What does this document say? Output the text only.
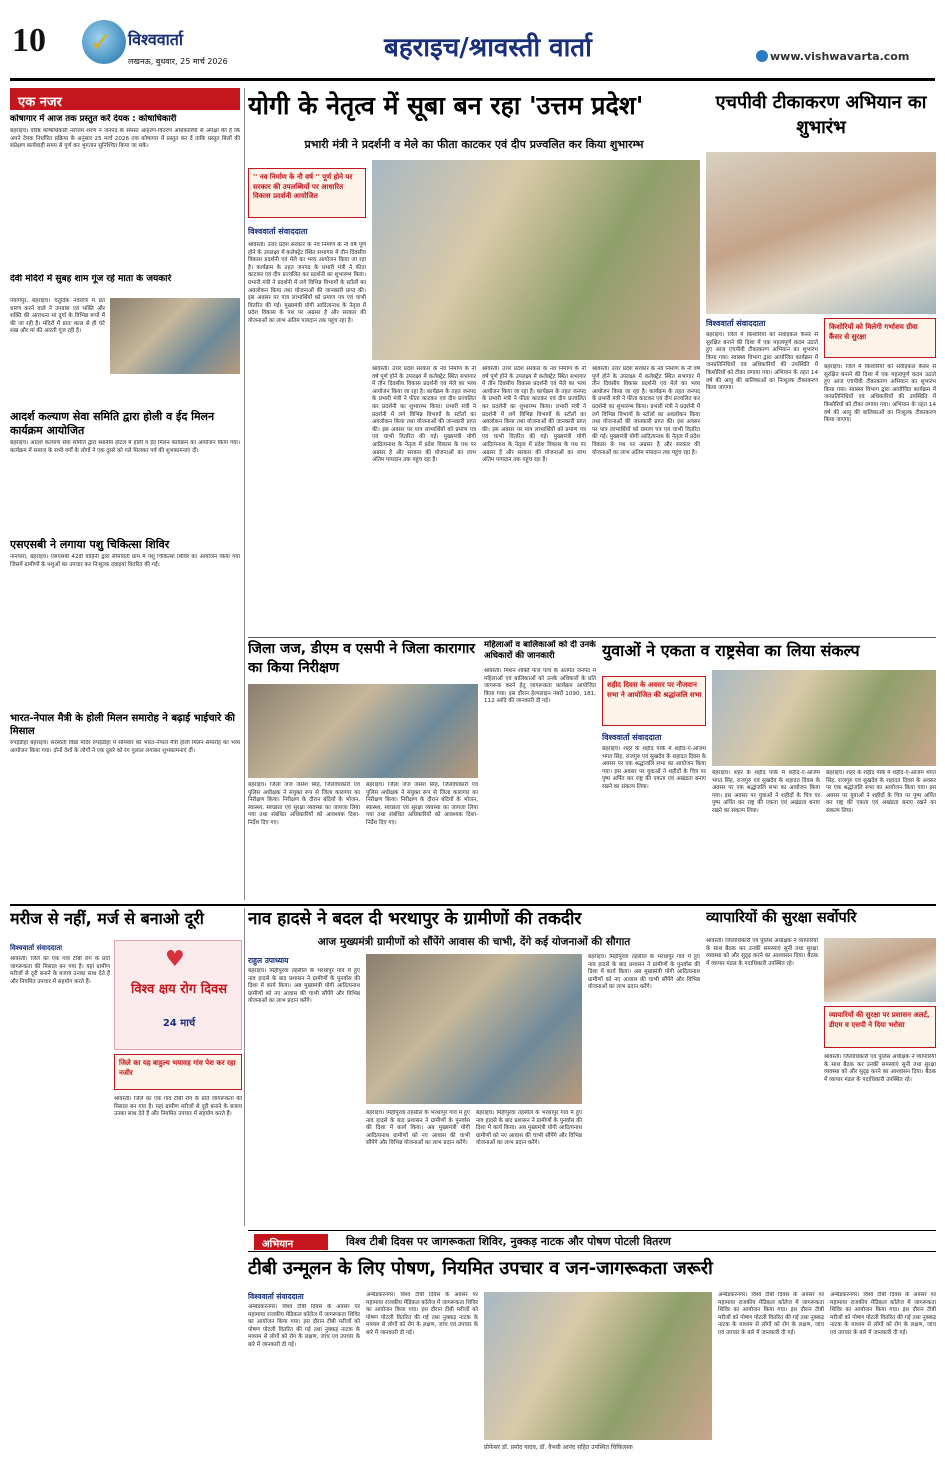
10 ✓ विश्ववार्ता
लखनऊ, बुधवार, 25 मार्च 2026	बहराइच/श्रावस्ती वार्ता	www.vishwavarta.com
एक नजर
कोषागार में आज तक प्रस्तुत करें देयक : कोषाधिकारी
बहराइच। वरिष्ठ कोषाधिकारी नरोत्तम शरण ने जनपद के समस्त आहरण-वितरण अधिकारियों से अपेक्षा की है कि अपने देयक निर्धारित प्रक्रिया के अनुसार 25 मार्च 2026 तक कोषागार में प्रस्तुत कर दें ताकि प्रस्तुत बिलों की संप्रेक्षण कार्यवाही समय से पूर्ण कर भुगतान सुनिश्चित किया जा सके।
देवी मंदिरों में सुबह शाम गूंज रहे माता के जयकारे
पयागपुर, बहराइच। चतुर्दिक नवरात्रि में व्रत धारण करने वाले ने उपवास एवं भक्ति और शक्ति की आराधना मां दुर्गा के विभिन्न रूपों में की जा रही है। मंदिरों में प्रातः काल से ही घंटे शंख और मां की आरती गूंज रही है।
आदर्श कल्याण सेवा समिति द्वारा होली व ईद मिलन कार्यक्रम आयोजित
बहराइच। आदर्श कल्याण सेवा समिति द्वारा स्थानीय होटल में होली व ईद मिलन कार्यक्रम का आयोजन किया गया। कार्यक्रम में समाज के सभी वर्गों के लोगों ने एक दूसरे को गले मिलकर पर्व की शुभकामनाएं दीं।
एसएसबी ने लगाया पशु चिकित्सा शिविर
नानपारा, बहराइच। एसएसबी 42वीं वाहिनी द्वारा सीमावर्ती ग्राम में पशु चिकित्सा शिविर का आयोजन किया गया जिसमें ग्रामीणों के पशुओं का उपचार कर निःशुल्क दवाइयां वितरित की गईं।
भारत-नेपाल मैत्री के होली मिलन समारोह ने बढ़ाई भाईचारे की मिसाल
रुपईडीहा बहराइच। सरस्वती विद्या मंदिर रुपईडीहा में सोमवार को भारत-नेपाल मैत्री होली मिलन समारोह का भव्य आयोजन किया गया। दोनों देशों के लोगों ने एक दूसरे को रंग गुलाल लगाकर शुभकामनाएं दीं।
योगी के नेतृत्व में सूबा बन रहा 'उत्तम प्रदेश'
प्रभारी मंत्री ने प्रदर्शनी व मेले का फीता काटकर एवं दीप प्रज्वलित कर किया शुभारम्भ
'' नव निर्माण के नौ वर्ष '' पूर्ण होने पर सरकार की उपलब्धियों पर आधारित विकास प्रदर्शनी आयोजित
विश्ववार्ता संवाददाता
श्रावस्ती। उत्तर प्रदेश सरकार के नव निर्माण के नौ वर्ष पूर्ण होने के उपलक्ष्य में कलेक्ट्रेट स्थित सभागार में तीन दिवसीय विकास प्रदर्शनी एवं मेले का भव्य आयोजन किया जा रहा है। कार्यक्रम के तहत जनपद के प्रभारी मंत्री ने फीता काटकर एवं दीप प्रज्वलित कर प्रदर्शनी का शुभारम्भ किया। प्रभारी मंत्री ने प्रदर्शनी में लगे विभिन्न विभागों के स्टॉलों का अवलोकन किया तथा योजनाओं की जानकारी प्राप्त की। इस अवसर पर पात्र लाभार्थियों को प्रमाण पत्र एवं चाभी वितरित की गई। मुख्यमंत्री योगी आदित्यनाथ के नेतृत्व में प्रदेश विकास के पथ पर अग्रसर है और सरकार की योजनाओं का लाभ अंतिम पायदान तक पहुंच रहा है।
श्रावस्ती। उत्तर प्रदेश सरकार के नव निर्माण के नौ वर्ष पूर्ण होने के उपलक्ष्य में कलेक्ट्रेट स्थित सभागार में तीन दिवसीय विकास प्रदर्शनी एवं मेले का भव्य आयोजन किया जा रहा है। कार्यक्रम के तहत जनपद के प्रभारी मंत्री ने फीता काटकर एवं दीप प्रज्वलित कर प्रदर्शनी का शुभारम्भ किया। प्रभारी मंत्री ने प्रदर्शनी में लगे विभिन्न विभागों के स्टॉलों का अवलोकन किया तथा योजनाओं की जानकारी प्राप्त की। इस अवसर पर पात्र लाभार्थियों को प्रमाण पत्र एवं चाभी वितरित की गई। मुख्यमंत्री योगी आदित्यनाथ के नेतृत्व में प्रदेश विकास के पथ पर अग्रसर है और सरकार की योजनाओं का लाभ अंतिम पायदान तक पहुंच रहा है।
श्रावस्ती। उत्तर प्रदेश सरकार के नव निर्माण के नौ वर्ष पूर्ण होने के उपलक्ष्य में कलेक्ट्रेट स्थित सभागार में तीन दिवसीय विकास प्रदर्शनी एवं मेले का भव्य आयोजन किया जा रहा है। कार्यक्रम के तहत जनपद के प्रभारी मंत्री ने फीता काटकर एवं दीप प्रज्वलित कर प्रदर्शनी का शुभारम्भ किया। प्रभारी मंत्री ने प्रदर्शनी में लगे विभिन्न विभागों के स्टॉलों का अवलोकन किया तथा योजनाओं की जानकारी प्राप्त की। इस अवसर पर पात्र लाभार्थियों को प्रमाण पत्र एवं चाभी वितरित की गई। मुख्यमंत्री योगी आदित्यनाथ के नेतृत्व में प्रदेश विकास के पथ पर अग्रसर है और सरकार की योजनाओं का लाभ अंतिम पायदान तक पहुंच रहा है।
श्रावस्ती। उत्तर प्रदेश सरकार के नव निर्माण के नौ वर्ष पूर्ण होने के उपलक्ष्य में कलेक्ट्रेट स्थित सभागार में तीन दिवसीय विकास प्रदर्शनी एवं मेले का भव्य आयोजन किया जा रहा है। कार्यक्रम के तहत जनपद के प्रभारी मंत्री ने फीता काटकर एवं दीप प्रज्वलित कर प्रदर्शनी का शुभारम्भ किया। प्रभारी मंत्री ने प्रदर्शनी में लगे विभिन्न विभागों के स्टॉलों का अवलोकन किया तथा योजनाओं की जानकारी प्राप्त की। इस अवसर पर पात्र लाभार्थियों को प्रमाण पत्र एवं चाभी वितरित की गई। मुख्यमंत्री योगी आदित्यनाथ के नेतृत्व में प्रदेश विकास के पथ पर अग्रसर है और सरकार की योजनाओं का लाभ अंतिम पायदान तक पहुंच रहा है।
एचपीवी टीकाकरण अभियान का शुभारंभ
विश्ववार्ता संवाददाता	किशोरियों को मिलेगी गर्भाशय ग्रीवा कैंसर से सुरक्षा
बहराइच। जिले में किशोरियों को सर्वाइकल कैंसर से सुरक्षित बनाने की दिशा में एक महत्वपूर्ण कदम उठाते हुए आज एचपीवी टीकाकरण अभियान का शुभारंभ किया गया। स्वास्थ्य विभाग द्वारा आयोजित कार्यक्रम में जनप्रतिनिधियों एवं अधिकारियों की उपस्थिति में किशोरियों को टीका लगाया गया। अभियान के तहत 14 वर्ष की आयु की बालिकाओं का निःशुल्क टीकाकरण किया जाएगा।
बहराइच। जिले में किशोरियों को सर्वाइकल कैंसर से सुरक्षित बनाने की दिशा में एक महत्वपूर्ण कदम उठाते हुए आज एचपीवी टीकाकरण अभियान का शुभारंभ किया गया। स्वास्थ्य विभाग द्वारा आयोजित कार्यक्रम में जनप्रतिनिधियों एवं अधिकारियों की उपस्थिति में किशोरियों को टीका लगाया गया। अभियान के तहत 14 वर्ष की आयु की बालिकाओं का निःशुल्क टीकाकरण किया जाएगा।
जिला जज, डीएम व एसपी ने जिला कारागार का किया निरीक्षण
बहराइच। जिला जज जसेश सिंह, जिलाधिकारी एवं पुलिस अधीक्षक ने संयुक्त रूप से जिला कारागार का निरीक्षण किया। निरीक्षण के दौरान बंदियों के भोजन, स्वास्थ्य, स्वच्छता एवं सुरक्षा व्यवस्था का जायजा लिया गया तथा संबंधित अधिकारियों को आवश्यक दिशा-निर्देश दिए गए।
बहराइच। जिला जज जसेश सिंह, जिलाधिकारी एवं पुलिस अधीक्षक ने संयुक्त रूप से जिला कारागार का निरीक्षण किया। निरीक्षण के दौरान बंदियों के भोजन, स्वास्थ्य, स्वच्छता एवं सुरक्षा व्यवस्था का जायजा लिया गया तथा संबंधित अधिकारियों को आवश्यक दिशा-निर्देश दिए गए।
महिलाओं व बालिकाओं को दी उनके अधिकारों की जानकारी
श्रावस्ती। मिशन शक्ति फेज पांच के अंतर्गत जनपद में महिलाओं एवं बालिकाओं को उनके अधिकारों के प्रति जागरूक करने हेतु जागरूकता कार्यक्रम आयोजित किया गया। इस दौरान हेल्पलाइन नंबरों 1090, 181, 112 आदि की जानकारी दी गई।
युवाओं ने एकता व राष्ट्रसेवा का लिया संकल्प
शहीद दिवस के अवसर पर नौजवान सभा ने आयोजित की श्रद्धांजलि सभा
विश्ववार्ता संवाददाता
बहराइच। शहर के शहीद पार्क में शहीद-ए-आजम भगत सिंह, राजगुरु एवं सुखदेव के शहादत दिवस के अवसर पर एक श्रद्धांजलि सभा का आयोजन किया गया। इस अवसर पर युवाओं ने शहीदों के चित्र पर पुष्प अर्पित कर राष्ट्र की एकता एवं अखंडता बनाए रखने का संकल्प लिया।
बहराइच। शहर के शहीद पार्क में शहीद-ए-आजम भगत सिंह, राजगुरु एवं सुखदेव के शहादत दिवस के अवसर पर एक श्रद्धांजलि सभा का आयोजन किया गया। इस अवसर पर युवाओं ने शहीदों के चित्र पर पुष्प अर्पित कर राष्ट्र की एकता एवं अखंडता बनाए रखने का संकल्प लिया।
बहराइच। शहर के शहीद पार्क में शहीद-ए-आजम भगत सिंह, राजगुरु एवं सुखदेव के शहादत दिवस के अवसर पर एक श्रद्धांजलि सभा का आयोजन किया गया। इस अवसर पर युवाओं ने शहीदों के चित्र पर पुष्प अर्पित कर राष्ट्र की एकता एवं अखंडता बनाए रखने का संकल्प लिया।
मरीज से नहीं, मर्ज से बनाओ दूरी
विश्ववार्ता संवाददाता	♥
विश्व क्षय रोग दिवस
24 मार्च
श्रावस्ती। जिले का एक गांव टीबी रोग के प्रति जागरूकता की मिसाल बन गया है। यहां ग्रामीण मरीजों से दूरी बनाने के बजाय उनका साथ देते हैं और नियमित उपचार में सहयोग करते हैं।
जिले का यह बाहुल्य भयावह गांव पेश कर रहा नजीर
श्रावस्ती। जिले का एक गांव टीबी रोग के प्रति जागरूकता की मिसाल बन गया है। यहां ग्रामीण मरीजों से दूरी बनाने के बजाय उनका साथ देते हैं और नियमित उपचार में सहयोग करते हैं।
नाव हादसे ने बदल दी भरथापुर के ग्रामीणों की तकदीर
आज मुख्यमंत्री ग्रामीणों को सौंपेंगे आवास की चाभी, देंगे कई योजनाओं की सौगात
राहुल उपाध्याय
बहराइच। मिहींपुरवा तहसील के भरथापुर गांव में हुए नाव हादसे के बाद प्रशासन ने ग्रामीणों के पुनर्वास की दिशा में कार्य किया। अब मुख्यमंत्री योगी आदित्यनाथ ग्रामीणों को नए आवास की चाभी सौंपेंगे और विभिन्न योजनाओं का लाभ प्रदान करेंगे।
बहराइच। मिहींपुरवा तहसील के भरथापुर गांव में हुए नाव हादसे के बाद प्रशासन ने ग्रामीणों के पुनर्वास की दिशा में कार्य किया। अब मुख्यमंत्री योगी आदित्यनाथ ग्रामीणों को नए आवास की चाभी सौंपेंगे और विभिन्न योजनाओं का लाभ प्रदान करेंगे।
बहराइच। मिहींपुरवा तहसील के भरथापुर गांव में हुए नाव हादसे के बाद प्रशासन ने ग्रामीणों के पुनर्वास की दिशा में कार्य किया। अब मुख्यमंत्री योगी आदित्यनाथ ग्रामीणों को नए आवास की चाभी सौंपेंगे और विभिन्न योजनाओं का लाभ प्रदान करेंगे।
बहराइच। मिहींपुरवा तहसील के भरथापुर गांव में हुए नाव हादसे के बाद प्रशासन ने ग्रामीणों के पुनर्वास की दिशा में कार्य किया। अब मुख्यमंत्री योगी आदित्यनाथ ग्रामीणों को नए आवास की चाभी सौंपेंगे और विभिन्न योजनाओं का लाभ प्रदान करेंगे।
व्यापारियों की सुरक्षा सर्वोपरि
श्रावस्ती। जिलाधिकारी एवं पुलिस अधीक्षक ने व्यापारियों के साथ बैठक कर उनकी समस्याएं सुनीं तथा सुरक्षा व्यवस्था को और सुदृढ़ करने का आश्वासन दिया। बैठक में व्यापार मंडल के पदाधिकारी उपस्थित रहे।
व्यापारियों की सुरक्षा पर प्रशासन अलर्ट, डीएम व एसपी ने दिया भरोसा
श्रावस्ती। जिलाधिकारी एवं पुलिस अधीक्षक ने व्यापारियों के साथ बैठक कर उनकी समस्याएं सुनीं तथा सुरक्षा व्यवस्था को और सुदृढ़ करने का आश्वासन दिया। बैठक में व्यापार मंडल के पदाधिकारी उपस्थित रहे।
अभियान	विश्व टीबी दिवस पर जागरूकता शिविर, नुक्कड़ नाटक और पोषण पोटली वितरण
टीबी उन्मूलन के लिए पोषण, नियमित उपचार व जन-जागरूकता जरूरी
विश्ववार्ता संवाददाता
अम्बेडकरनगर। विश्व टीबी दिवस के अवसर पर महामाया राजकीय मेडिकल कॉलेज में जागरूकता शिविर का आयोजन किया गया। इस दौरान टीबी मरीजों को पोषण पोटली वितरित की गई तथा नुक्कड़ नाटक के माध्यम से लोगों को रोग के लक्षण, जांच एवं उपचार के बारे में जानकारी दी गई।
अम्बेडकरनगर। विश्व टीबी दिवस के अवसर पर महामाया राजकीय मेडिकल कॉलेज में जागरूकता शिविर का आयोजन किया गया। इस दौरान टीबी मरीजों को पोषण पोटली वितरित की गई तथा नुक्कड़ नाटक के माध्यम से लोगों को रोग के लक्षण, जांच एवं उपचार के बारे में जानकारी दी गई।
प्रोफेसर डॉ. प्रमोद यादव, डॉ. वैभवी आनंद सहित उपस्थित चिकित्सक
अम्बेडकरनगर। विश्व टीबी दिवस के अवसर पर महामाया राजकीय मेडिकल कॉलेज में जागरूकता शिविर का आयोजन किया गया। इस दौरान टीबी मरीजों को पोषण पोटली वितरित की गई तथा नुक्कड़ नाटक के माध्यम से लोगों को रोग के लक्षण, जांच एवं उपचार के बारे में जानकारी दी गई।
अम्बेडकरनगर। विश्व टीबी दिवस के अवसर पर महामाया राजकीय मेडिकल कॉलेज में जागरूकता शिविर का आयोजन किया गया। इस दौरान टीबी मरीजों को पोषण पोटली वितरित की गई तथा नुक्कड़ नाटक के माध्यम से लोगों को रोग के लक्षण, जांच एवं उपचार के बारे में जानकारी दी गई।
